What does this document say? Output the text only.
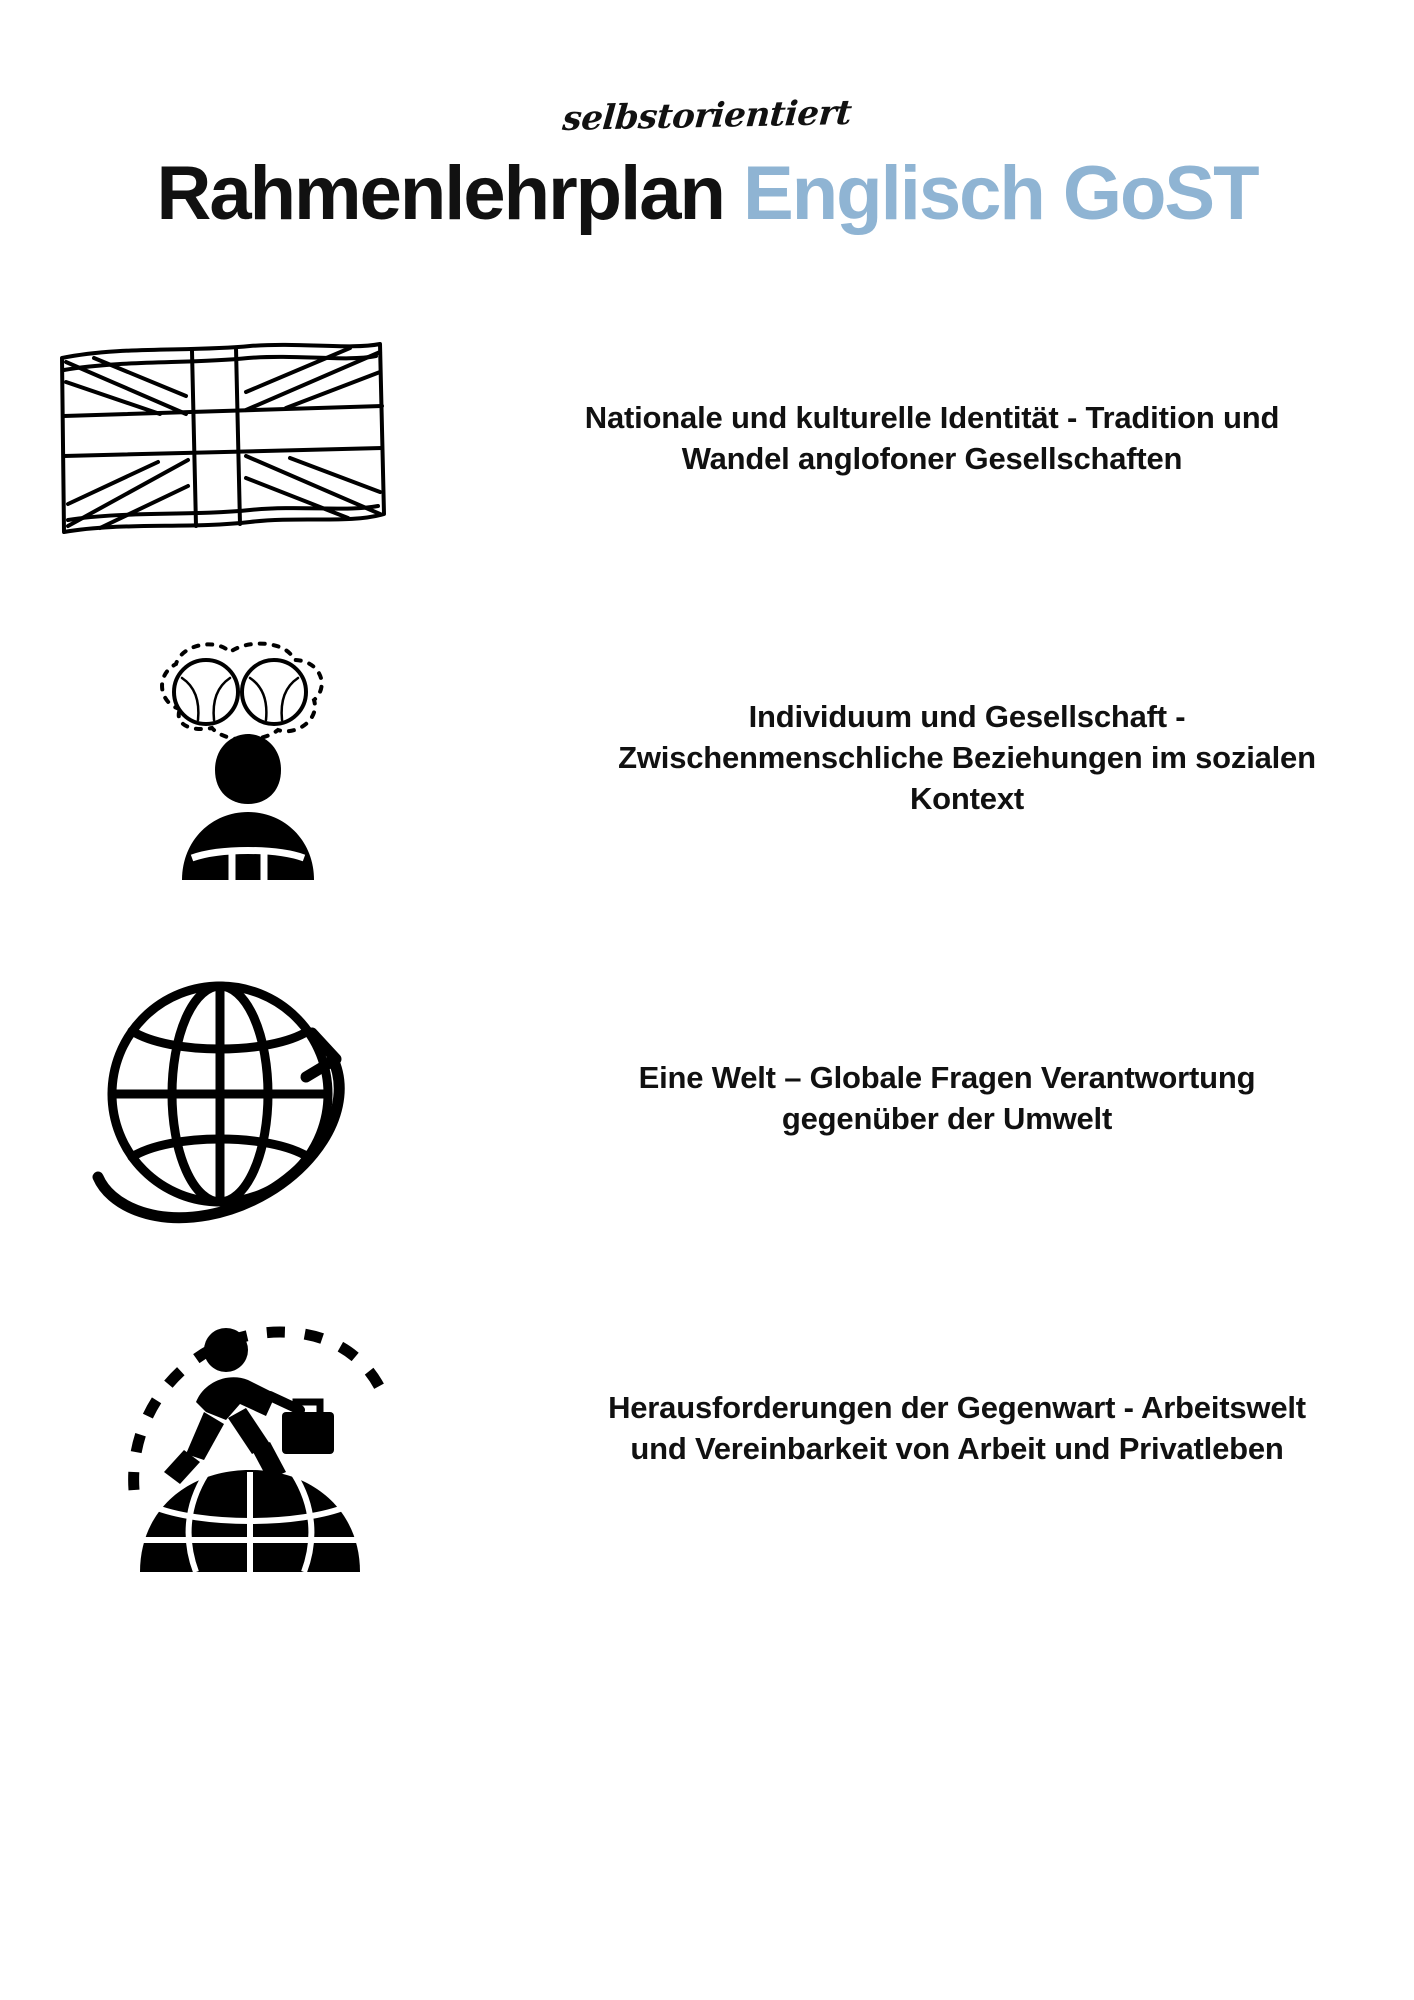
selbstorientiert
Rahmenlehrplan Englisch GoST
Nationale und kulturelle Identität - Tradition und Wandel anglofoner Gesellschaften
Individuum und Gesellschaft - Zwischenmenschliche Beziehungen im sozialen Kontext
Eine Welt – Globale Fragen Verantwortung gegenüber der Umwelt
Herausforderungen der Gegenwart - Arbeitswelt und Vereinbarkeit von Arbeit und Privatleben
